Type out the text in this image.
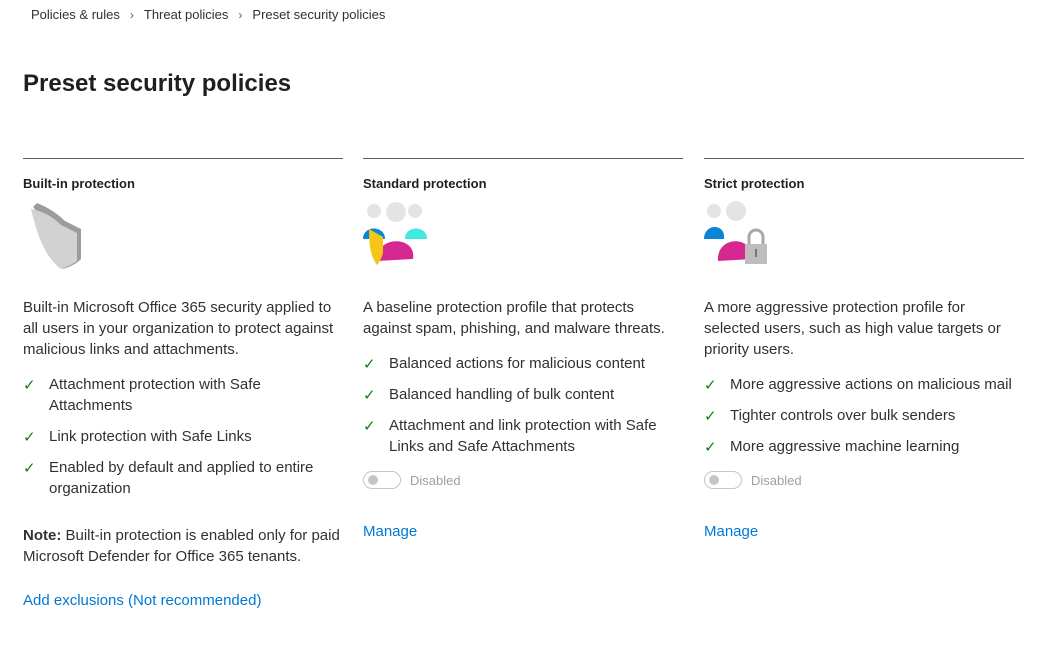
Policies & rules › Threat policies › Preset security policies
Preset security policies
Built-in protection
Built-in Microsoft Office 365 security applied to all users in your organization to protect against malicious links and attachments.
✓ Attachment protection with Safe Attachments
✓ Link protection with Safe Links
✓ Enabled by default and applied to entire organization
Note: Built-in protection is enabled only for paid Microsoft Defender for Office 365 tenants.
Add exclusions (Not recommended)
Standard protection
A baseline protection profile that protects against spam, phishing, and malware threats.
✓ Balanced actions for malicious content
✓ Balanced handling of bulk content
✓ Attachment and link protection with Safe Links and Safe Attachments
Disabled
Manage
Strict protection
A more aggressive protection profile for selected users, such as high value targets or priority users.
✓ More aggressive actions on malicious mail
✓ Tighter controls over bulk senders
✓ More aggressive machine learning
Disabled
Manage
